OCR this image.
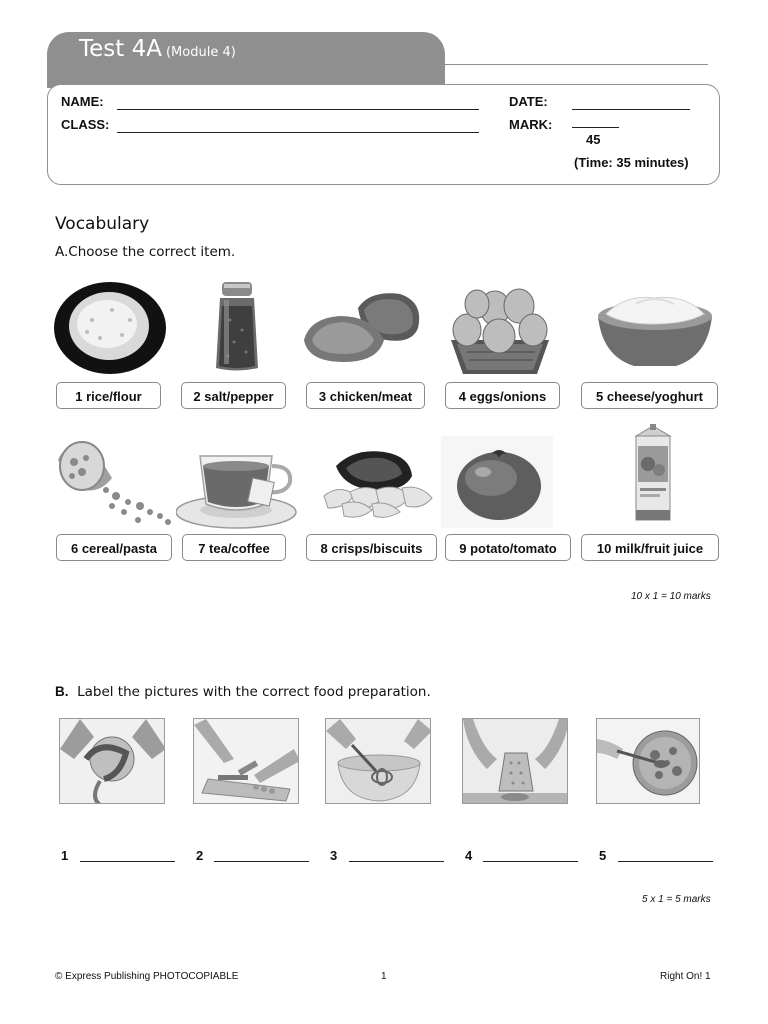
Test 4A (Module 4)
NAME:
CLASS:
DATE:
MARK:
45
(Time: 35 minutes)
Vocabulary
A.Choose the correct item.
1 rice/flour	2 salt/pepper	3 chicken/meat	4 eggs/onions	5 cheese/yoghurt
6 cereal/pasta	7 tea/coffee	8 crisps/biscuits	9 potato/tomato	10 milk/fruit juice
10 x 1 = 10 marks
B. Label the pictures with the correct food preparation.
1	2	3	4	5
5 x 1 = 5 marks
© Express Publishing PHOTOCOPIABLE	1	Right On! 1
